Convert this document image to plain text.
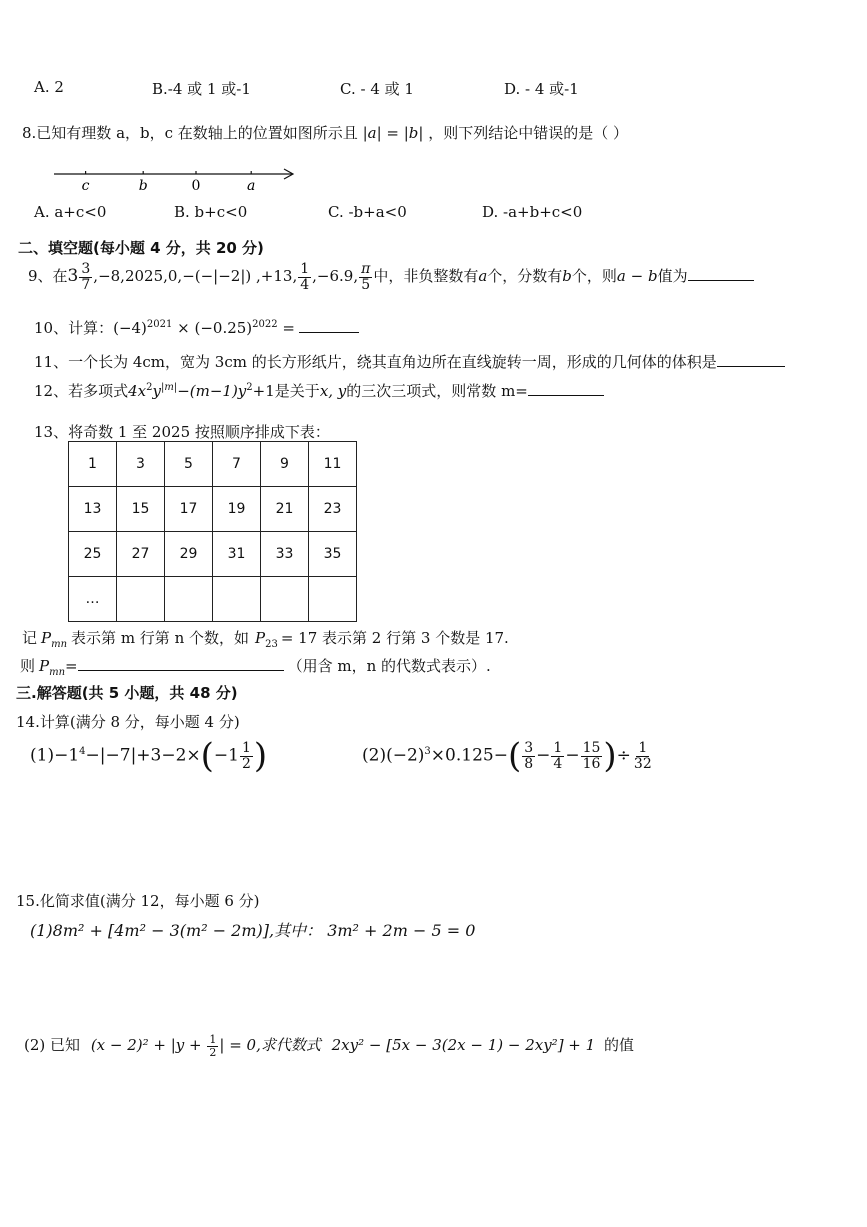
A. 2	B.-4 或 1 或-1	C. - 4 或 1	D. - 4 或-1
8.已知有理数 a，b，c 在数轴上的位置如图所示且 |a| = |b| ，则下列结论中错误的是（ ）
c	b	0	a
A. a+c<0	B. b+c<0	C. -b+a<0	D. -a+b+c<0
二、填空题(每小题 4 分，共 20 分)
9、在$3 \frac{3}{7} ,-8,2025,0,-(-|-2|)$ ,+13, $\frac{1}{4} ,-6.9$, $\frac{\pi}{5}$ 中，非负整数有a个，分数有b个，则a − b值为
10、计算：$(-4)^{2021} \times (-0.25)^{2022}$ =
11、一个长为 4cm，宽为 3cm 的长方形纸片，绕其直角边所在直线旋转一周，形成的几何体的体积是
12、若多项式$4x^2y^{|m|}-(m-1)y^2+1$是关于x, y的三次三项式，则常数 m=
13、将奇数 1 至 2025 按照顺序排成下表：
1	3	5	7	9	11
13	15	17	19	21	23
25	27	29	31	33	35
…					
记 $P_{mn}$ 表示第 m 行第 n 个数，如 $P_{23} = 17$ 表示第 2 行第 3 个数是 17.
则 $P_{mn}=$	（用含 m，n 的代数式表示）.
三.解答题(共 5 小题，共 48 分)
14.计算(满分 8 分，每小题 4 分)
$(1)-1^4-|-7|+3-2\times(-1 \frac{1}{2}$ )	$(2)(-2)^3\times 0.125-( \frac{3}{8} - \frac{1}{4} - \frac{15}{16}$ )÷ $\frac{1}{32}$
15.化简求值(满分 12，每小题 6 分)
(1)8m² + [4m² − 3(m² − 2m)],其中： 3m² + 2m − 5 = 0
(2) 已知 $(x - 2)^2 + |y + \frac{1}{2}$ | = 0,求代数式 2xy² − [5x − 3(2x − 1) − 2xy²] + 1 的值
